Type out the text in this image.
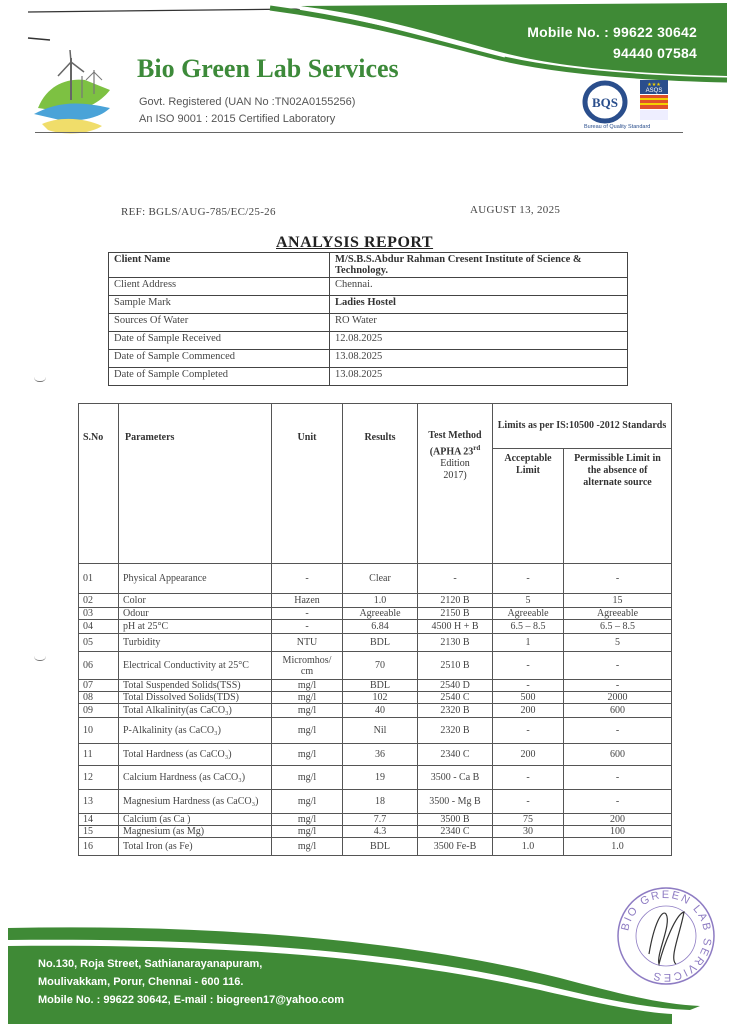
Mobile No. : 99622 30642
94440 07584
Bio Green Lab Services
Govt. Registered (UAN No :TN02A0155256)
An ISO 9001 : 2015 Certified Laboratory
BQS
ASQS
★★★
Bureau of Quality Standard
REF: BGLS/AUG-785/EC/25-26	AUGUST 13, 2025
ANALYSIS REPORT
Client Name	M/S.B.S.Abdur Rahman Cresent Institute of Science & Technology.
Client Address	Chennai.
Sample Mark	Ladies Hostel
Sources Of Water	RO Water
Date of Sample Received	12.08.2025
Date of Sample Commenced	13.08.2025
Date of Sample Completed	13.08.2025
S.No	Parameters	Unit	Results	Test Method
(APHA 23rd
Edition
2017)	Limits as per IS:10500 -2012 Standards	
					Acceptable Limit	Permissible Limit in the absence of alternate source
01	Physical Appearance	-	Clear	-	-	-
02	Color	Hazen	1.0	2120 B	5	15
03	Odour	-	Agreeable	2150 B	Agreeable	Agreeable
04	pH at 25°C	-	6.84	4500 H + B	6.5 – 8.5	6.5 – 8.5
05	Turbidity	NTU	BDL	2130 B	1	5
06	Electrical Conductivity at 25°C	Micromhos/ cm	70	2510 B	-	-
07	Total Suspended Solids(TSS)	mg/l	BDL	2540 D	-	-
08	Total Dissolved Solids(TDS)	mg/l	102	2540 C	500	2000
09	Total Alkalinity(as CaCO₃)	mg/l	40	2320 B	200	600
10	P-Alkalinity (as CaCO₃)	mg/l	Nil	2320 B	-	-
11	Total Hardness (as CaCO₃)	mg/l	36	2340 C	200	600
12	Calcium Hardness (as CaCO₃)	mg/l	19	3500 - Ca B	-	-
13	Magnesium Hardness (as CaCO₃)	mg/l	18	3500 - Mg B	-	-
14	Calcium (as Ca )	mg/l	7.7	3500 B	75	200
15	Magnesium (as Mg)	mg/l	4.3	2340 C	30	100
16	Total Iron (as Fe)	mg/l	BDL	3500 Fe-B	1.0	1.0
No.130, Roja Street, Sathianarayanapuram,
Moulivakkam, Porur, Chennai - 600 116.
Mobile No. : 99622 30642, E-mail : biogreen17@yahoo.com
BIO GREEN LAB SERVICES
